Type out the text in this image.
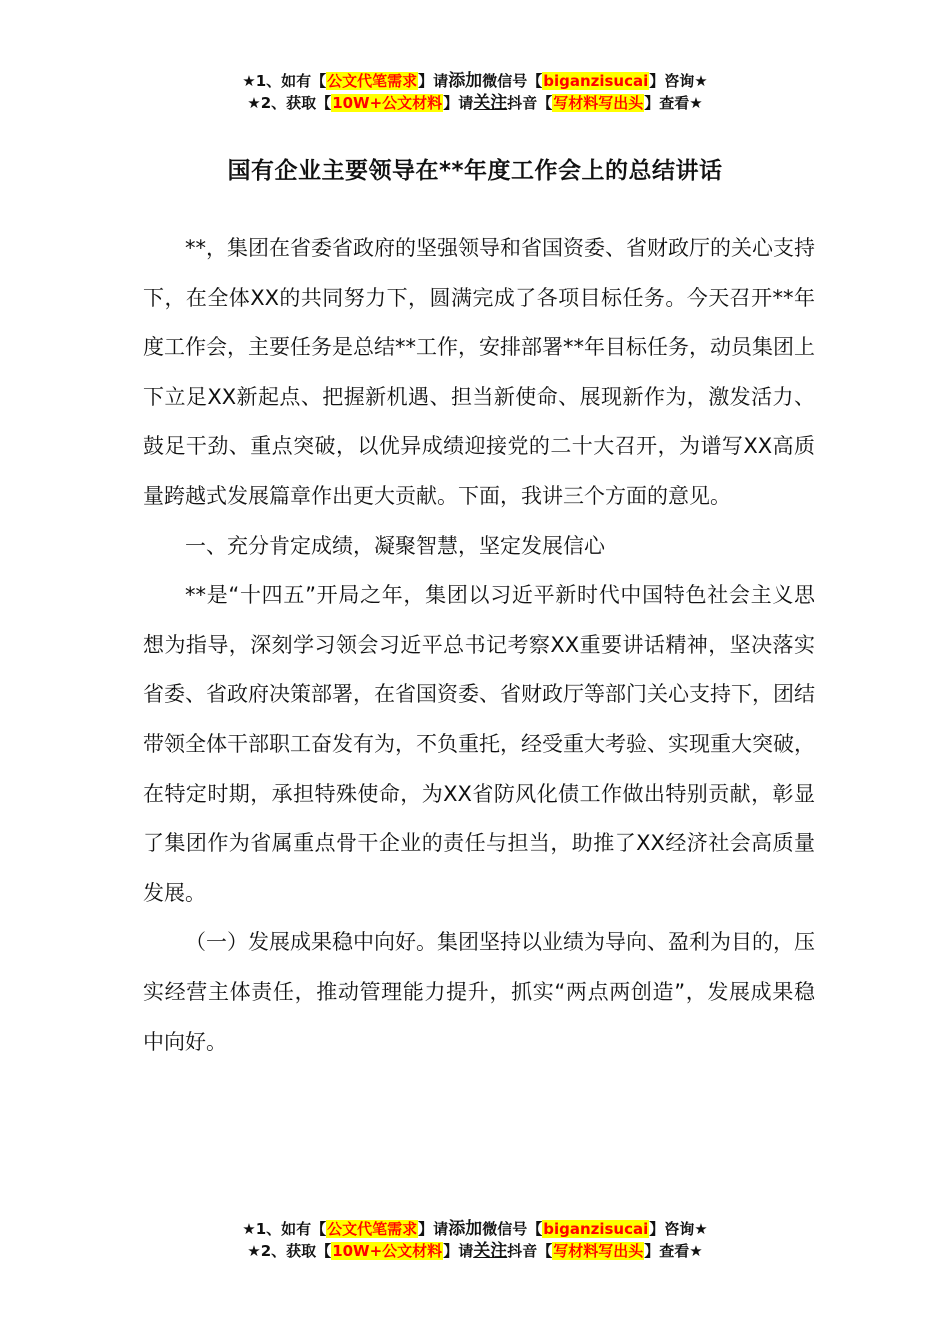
★1、如有【公文代笔需求】请添加微信号【biganzisucai】咨询★
★2、获取【10W+公文材料】请关注抖音【写材料写出头】查看★
国有企业主要领导在**年度工作会上的总结讲话

**，集团在省委省政府的坚强领导和省国资委、省财政厅的关心支持下，在全体XX的共同努力下，圆满完成了各项目标任务。今天召开**年度工作会，主要任务是总结**工作，安排部署**年目标任务，动员集团上下立足XX新起点、把握新机遇、担当新使命、展现新作为，激发活力、鼓足干劲、重点突破，以优异成绩迎接党的二十大召开，为谱写XX高质量跨越式发展篇章作出更大贡献。下面，我讲三个方面的意见。

一、充分肯定成绩，凝聚智慧，坚定发展信心

**是“十四五”开局之年，集团以习近平新时代中国特色社会主义思想为指导，深刻学习领会习近平总书记考察XX重要讲话精神，坚决落实省委、省政府决策部署，在省国资委、省财政厅等部门关心支持下，团结带领全体干部职工奋发有为，不负重托，经受重大考验、实现重大突破，在特定时期，承担特殊使命，为XX省防风化债工作做出特别贡献，彰显了集团作为省属重点骨干企业的责任与担当，助推了XX经济社会高质量发展。

（一）发展成果稳中向好。集团坚持以业绩为导向、盈利为目的，压实经营主体责任，推动管理能力提升，抓实“两点两创造”，发展成果稳中向好。

★1、如有【公文代笔需求】请添加微信号【biganzisucai】咨询★
★2、获取【10W+公文材料】请关注抖音【写材料写出头】查看★
